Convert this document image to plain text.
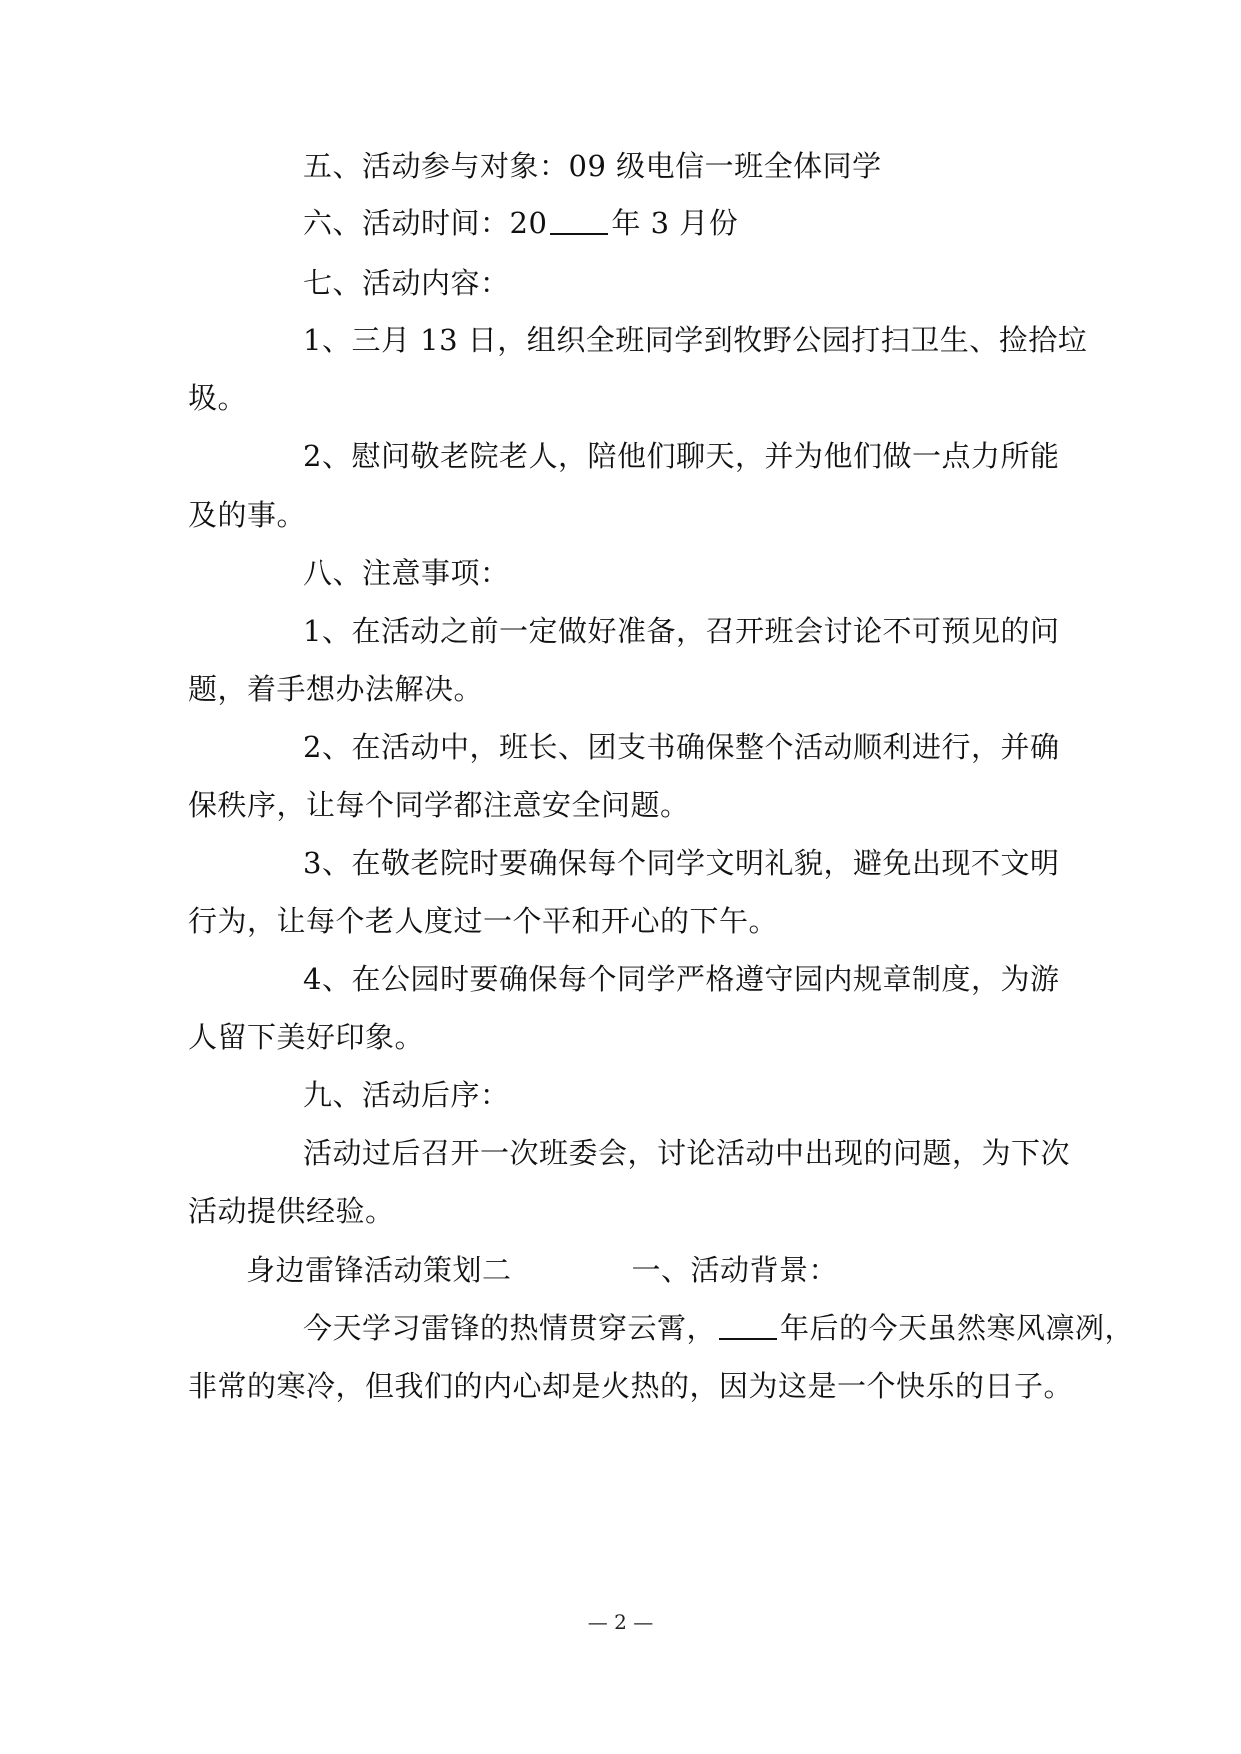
五、活动参与对象：09 级电信一班全体同学
六、活动时间：20 年 3 月份
七、活动内容：
1、三月 13 日，组织全班同学到牧野公园打扫卫生、捡拾垃
圾。
2、慰问敬老院老人，陪他们聊天，并为他们做一点力所能
及的事。
八、注意事项：
1、在活动之前一定做好准备，召开班会讨论不可预见的问
题，着手想办法解决。
2、在活动中，班长、团支书确保整个活动顺利进行，并确
保秩序，让每个同学都注意安全问题。
3、在敬老院时要确保每个同学文明礼貌，避免出现不文明
行为，让每个老人度过一个平和开心的下午。
4、在公园时要确保每个同学严格遵守园内规章制度，为游
人留下美好印象。
九、活动后序：
活动过后召开一次班委会，讨论活动中出现的问题，为下次
活动提供经验。
身边雷锋活动策划二	一、活动背景：
今天学习雷锋的热情贯穿云霄， 年后的今天虽然寒风凛冽，
非常的寒冷，但我们的内心却是火热的，因为这是一个快乐的日子。
— 2 —
